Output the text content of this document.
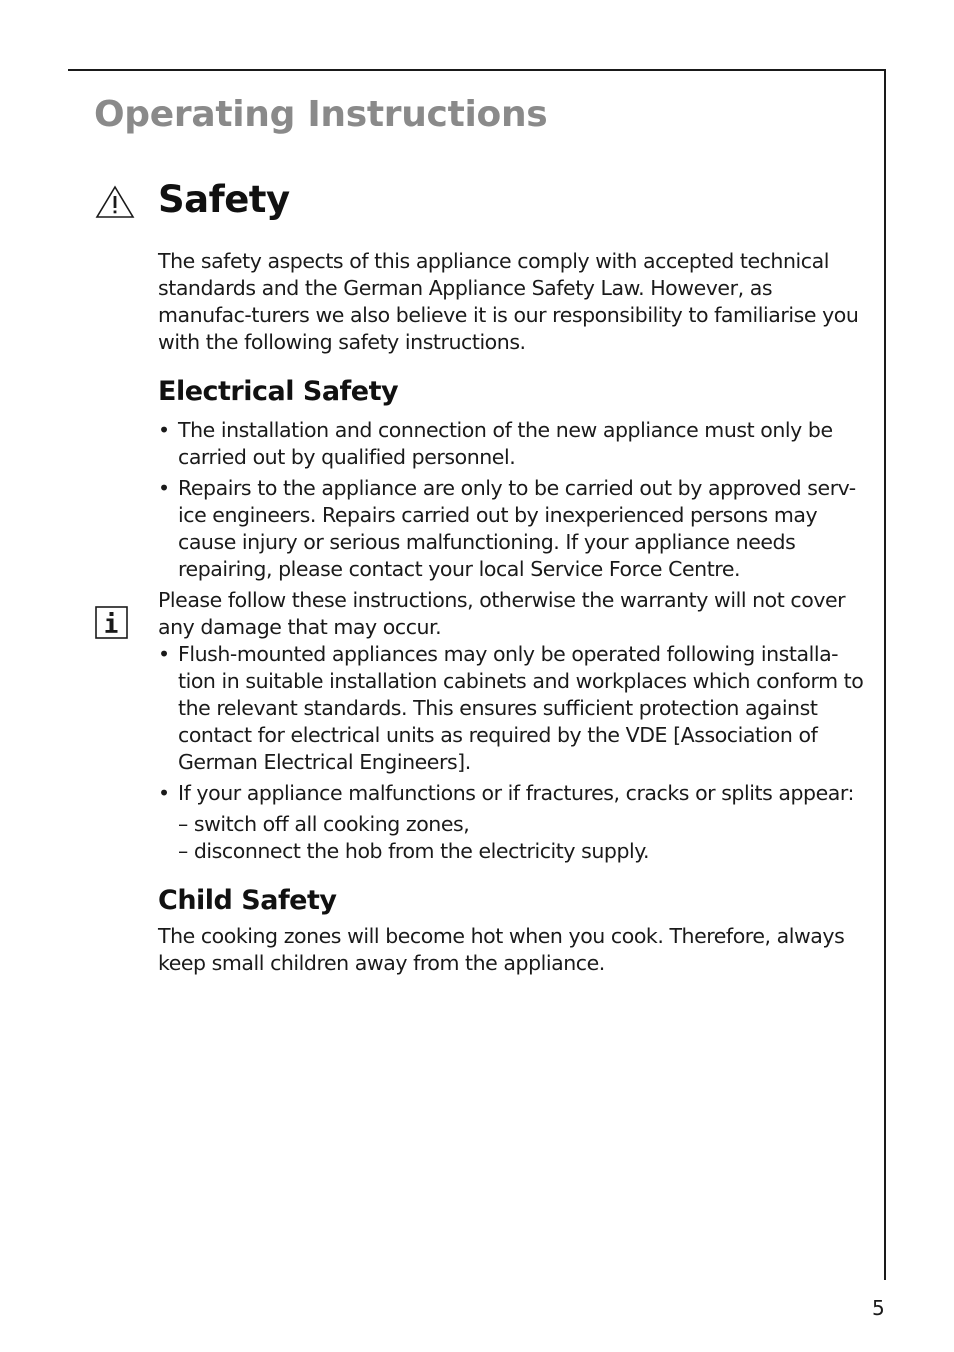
Operating Instructions
Safety

The safety aspects of this appliance comply with accepted technical standards and the German Appliance Safety Law. However, as manufac-turers we also believe it is our responsibility to familiarise you with the following safety instructions.

Electrical Safety
• The installation and connection of the new appliance must only be carried out by qualified personnel.
• Repairs to the appliance are only to be carried out by approved serv-ice engineers. Repairs carried out by inexperienced persons may cause injury or serious malfunctioning. If your appliance needs repairing, please contact your local Service Force Centre.

Please follow these instructions, otherwise the warranty will not cover any damage that may occur.

• Flush-mounted appliances may only be operated following installa-tion in suitable installation cabinets and workplaces which conform to the relevant standards. This ensures sufficient protection against contact for electrical units as required by the VDE [Association of German Electrical Engineers].
• If your appliance malfunctions or if fractures, cracks or splits appear:
– switch off all cooking zones,
– disconnect the hob from the electricity supply.
Child Safety

The cooking zones will become hot when you cook. Therefore, always keep small children away from the appliance.

5
